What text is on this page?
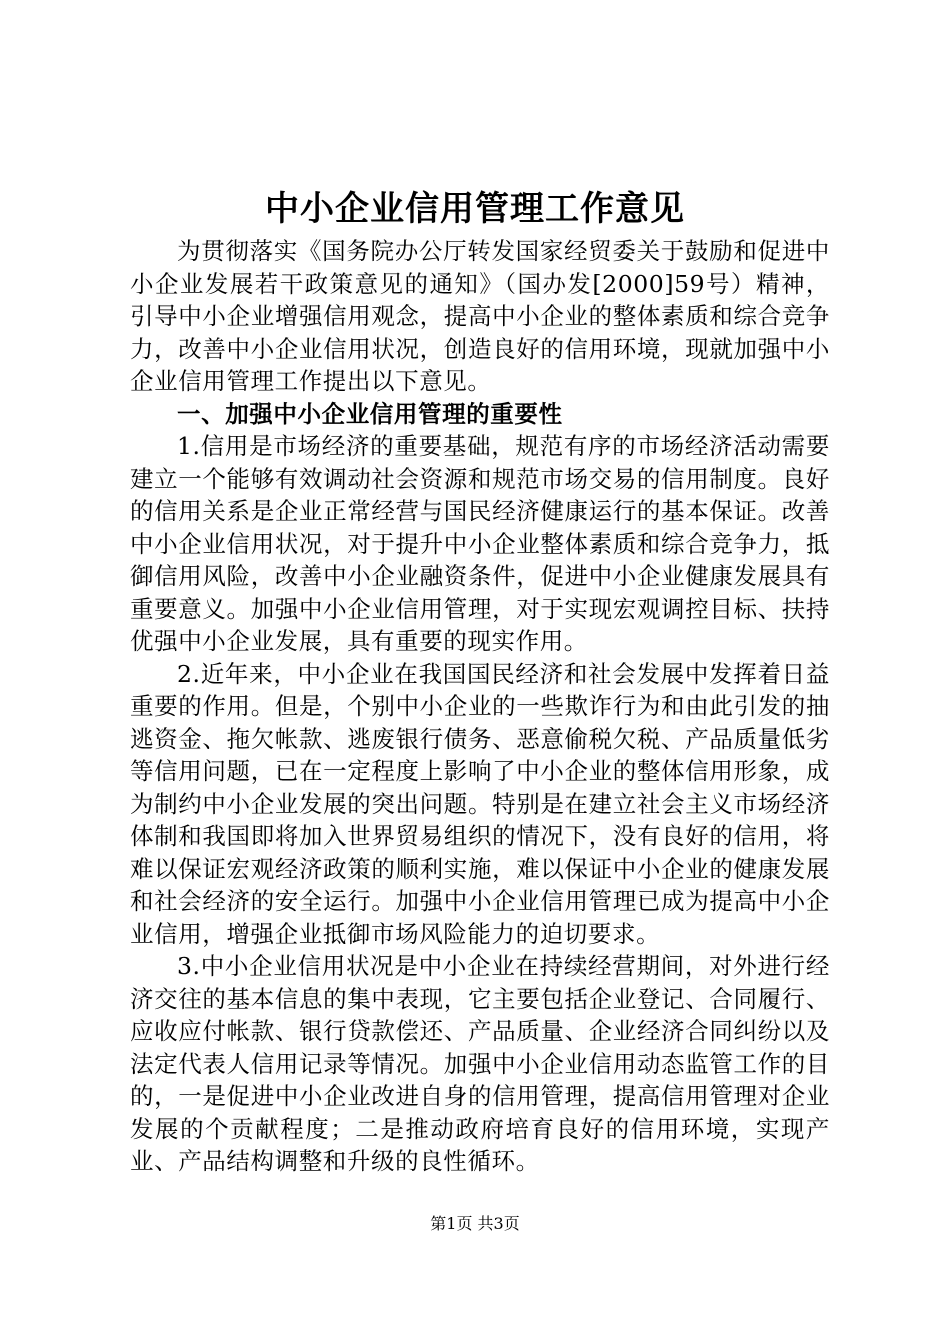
中小企业信用管理工作意见

为贯彻落实《国务院办公厅转发国家经贸委关于鼓励和促进中小企业发展若干政策意见的通知》（国办发[2000]59号）精神，引导中小企业增强信用观念，提高中小企业的整体素质和综合竞争力，改善中小企业信用状况，创造良好的信用环境，现就加强中小企业信用管理工作提出以下意见。

一、加强中小企业信用管理的重要性

1.信用是市场经济的重要基础，规范有序的市场经济活动需要建立一个能够有效调动社会资源和规范市场交易的信用制度。良好的信用关系是企业正常经营与国民经济健康运行的基本保证。改善中小企业信用状况，对于提升中小企业整体素质和综合竞争力，抵御信用风险，改善中小企业融资条件，促进中小企业健康发展具有重要意义。加强中小企业信用管理，对于实现宏观调控目标、扶持优强中小企业发展，具有重要的现实作用。

2.近年来，中小企业在我国国民经济和社会发展中发挥着日益重要的作用。但是，个别中小企业的一些欺诈行为和由此引发的抽逃资金、拖欠帐款、逃废银行债务、恶意偷税欠税、产品质量低劣等信用问题，已在一定程度上影响了中小企业的整体信用形象，成为制约中小企业发展的突出问题。特别是在建立社会主义市场经济体制和我国即将加入世界贸易组织的情况下，没有良好的信用，将难以保证宏观经济政策的顺利实施，难以保证中小企业的健康发展和社会经济的安全运行。加强中小企业信用管理已成为提高中小企业信用，增强企业抵御市场风险能力的迫切要求。

3.中小企业信用状况是中小企业在持续经营期间，对外进行经济交往的基本信息的集中表现，它主要包括企业登记、合同履行、应收应付帐款、银行贷款偿还、产品质量、企业经济合同纠纷以及法定代表人信用记录等情况。加强中小企业信用动态监管工作的目的，一是促进中小企业改进自身的信用管理，提高信用管理对企业发展的个贡献程度；二是推动政府培育良好的信用环境，实现产业、产品结构调整和升级的良性循环。

第1页 共3页
